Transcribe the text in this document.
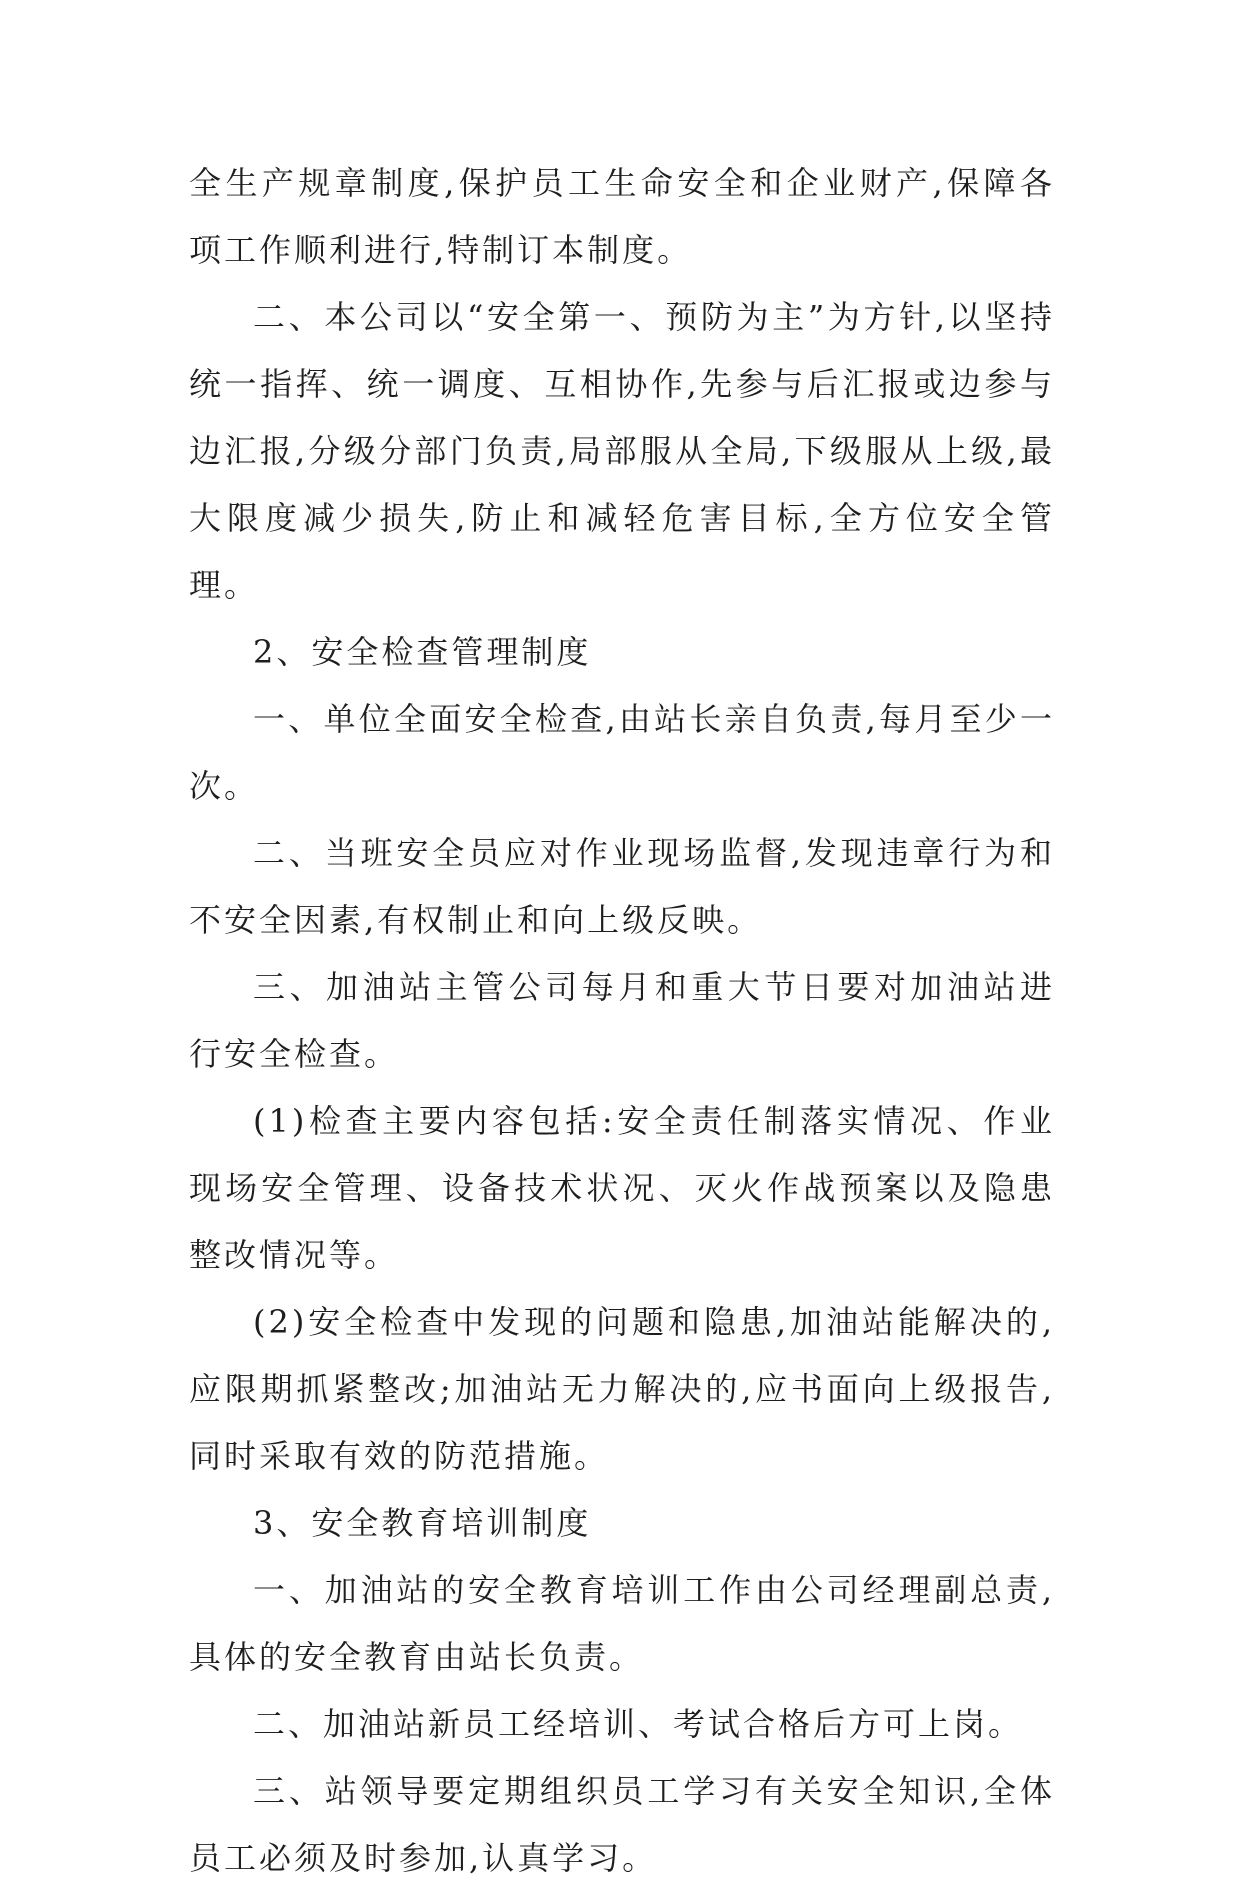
全生产规章制度,保护员工生命安全和企业财产,保障各项工作顺利进行,特制订本制度。

二、本公司以“安全第一、预防为主”为方针,以坚持统一指挥、统一调度、互相协作,先参与后汇报或边参与边汇报,分级分部门负责,局部服从全局,下级服从上级,最大限度减少损失,防止和减轻危害目标,全方位安全管理。

2、安全检查管理制度

一、单位全面安全检查,由站长亲自负责,每月至少一次。

二、当班安全员应对作业现场监督,发现违章行为和不安全因素,有权制止和向上级反映。

三、加油站主管公司每月和重大节日要对加油站进行安全检查。

(1)检查主要内容包括:安全责任制落实情况、作业现场安全管理、设备技术状况、灭火作战预案以及隐患整改情况等。

(2)安全检查中发现的问题和隐患,加油站能解决的,应限期抓紧整改;加油站无力解决的,应书面向上级报告,同时采取有效的防范措施。

3、安全教育培训制度

一、加油站的安全教育培训工作由公司经理副总责,具体的安全教育由站长负责。

二、加油站新员工经培训、考试合格后方可上岗。

三、站领导要定期组织员工学习有关安全知识,全体员工必须及时参加,认真学习。
